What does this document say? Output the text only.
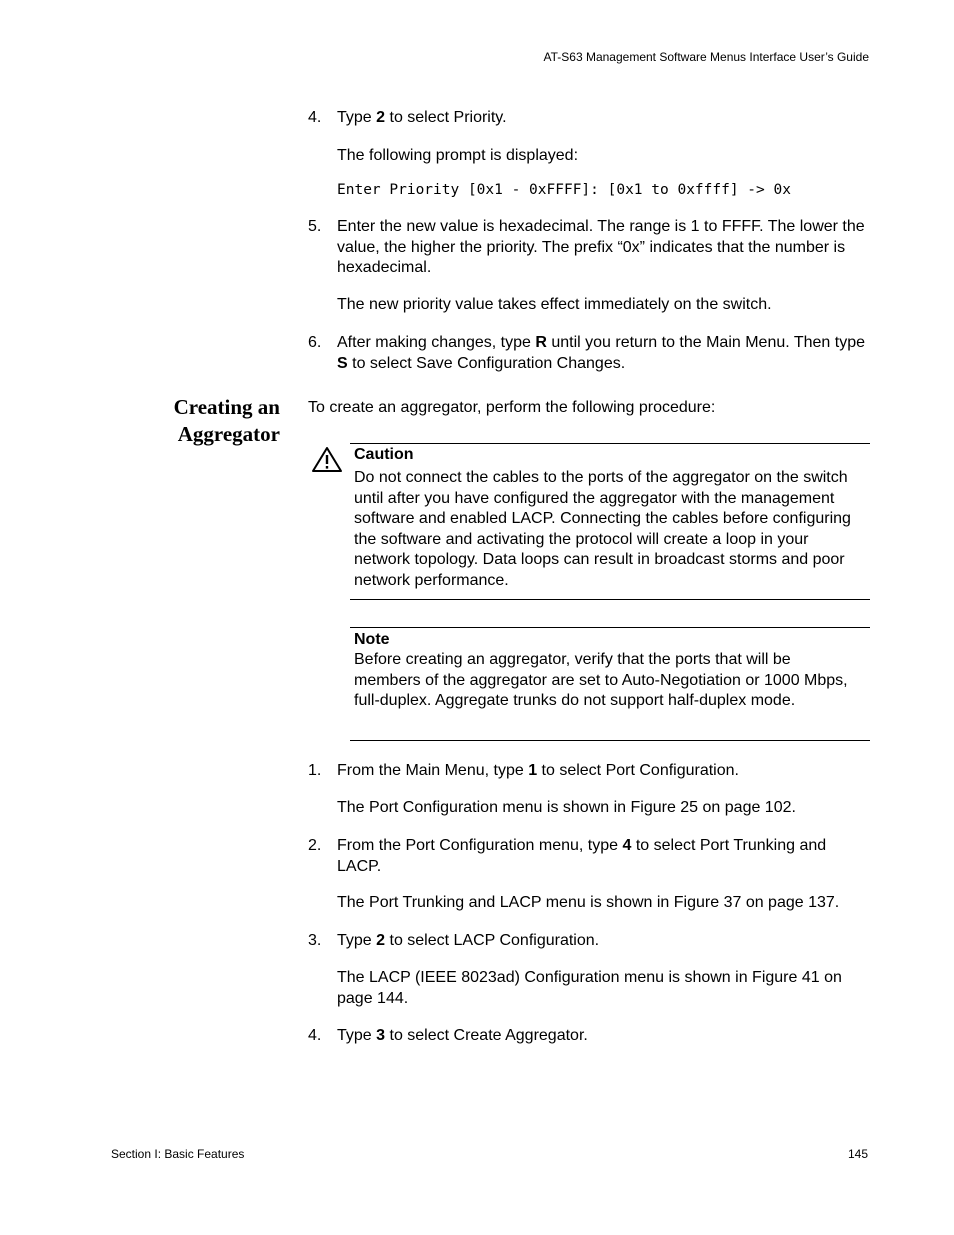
AT-S63 Management Software Menus Interface User’s Guide
4. Type 2 to select Priority.

The following prompt is displayed:

Enter Priority [0x1 - 0xFFFF]: [0x1 to 0xffff] -> 0x
5. Enter the new value is hexadecimal. The range is 1 to FFFF. The lower the value, the higher the priority. The prefix “0x” indicates that the number is hexadecimal.

The new priority value takes effect immediately on the switch.

6. After making changes, type R until you return to the Main Menu. Then type S to select Save Configuration Changes.

Creating an
Aggregator

To create an aggregator, perform the following procedure:

Caution

Do not connect the cables to the ports of the aggregator on the switch until after you have configured the aggregator with the management software and enabled LACP. Connecting the cables before configuring the software and activating the protocol will create a loop in your network topology. Data loops can result in broadcast storms and poor network performance.

Note

Before creating an aggregator, verify that the ports that will be members of the aggregator are set to Auto-Negotiation or 1000 Mbps, full-duplex. Aggregate trunks do not support half-duplex mode.

1. From the Main Menu, type 1 to select Port Configuration.

The Port Configuration menu is shown in Figure 25 on page 102.

2. From the Port Configuration menu, type 4 to select Port Trunking and LACP.

The Port Trunking and LACP menu is shown in Figure 37 on page 137.

3. Type 2 to select LACP Configuration.

The LACP (IEEE 8023ad) Configuration menu is shown in Figure 41 on page 144.

4. Type 3 to select Create Aggregator.

Section I: Basic Features	145
